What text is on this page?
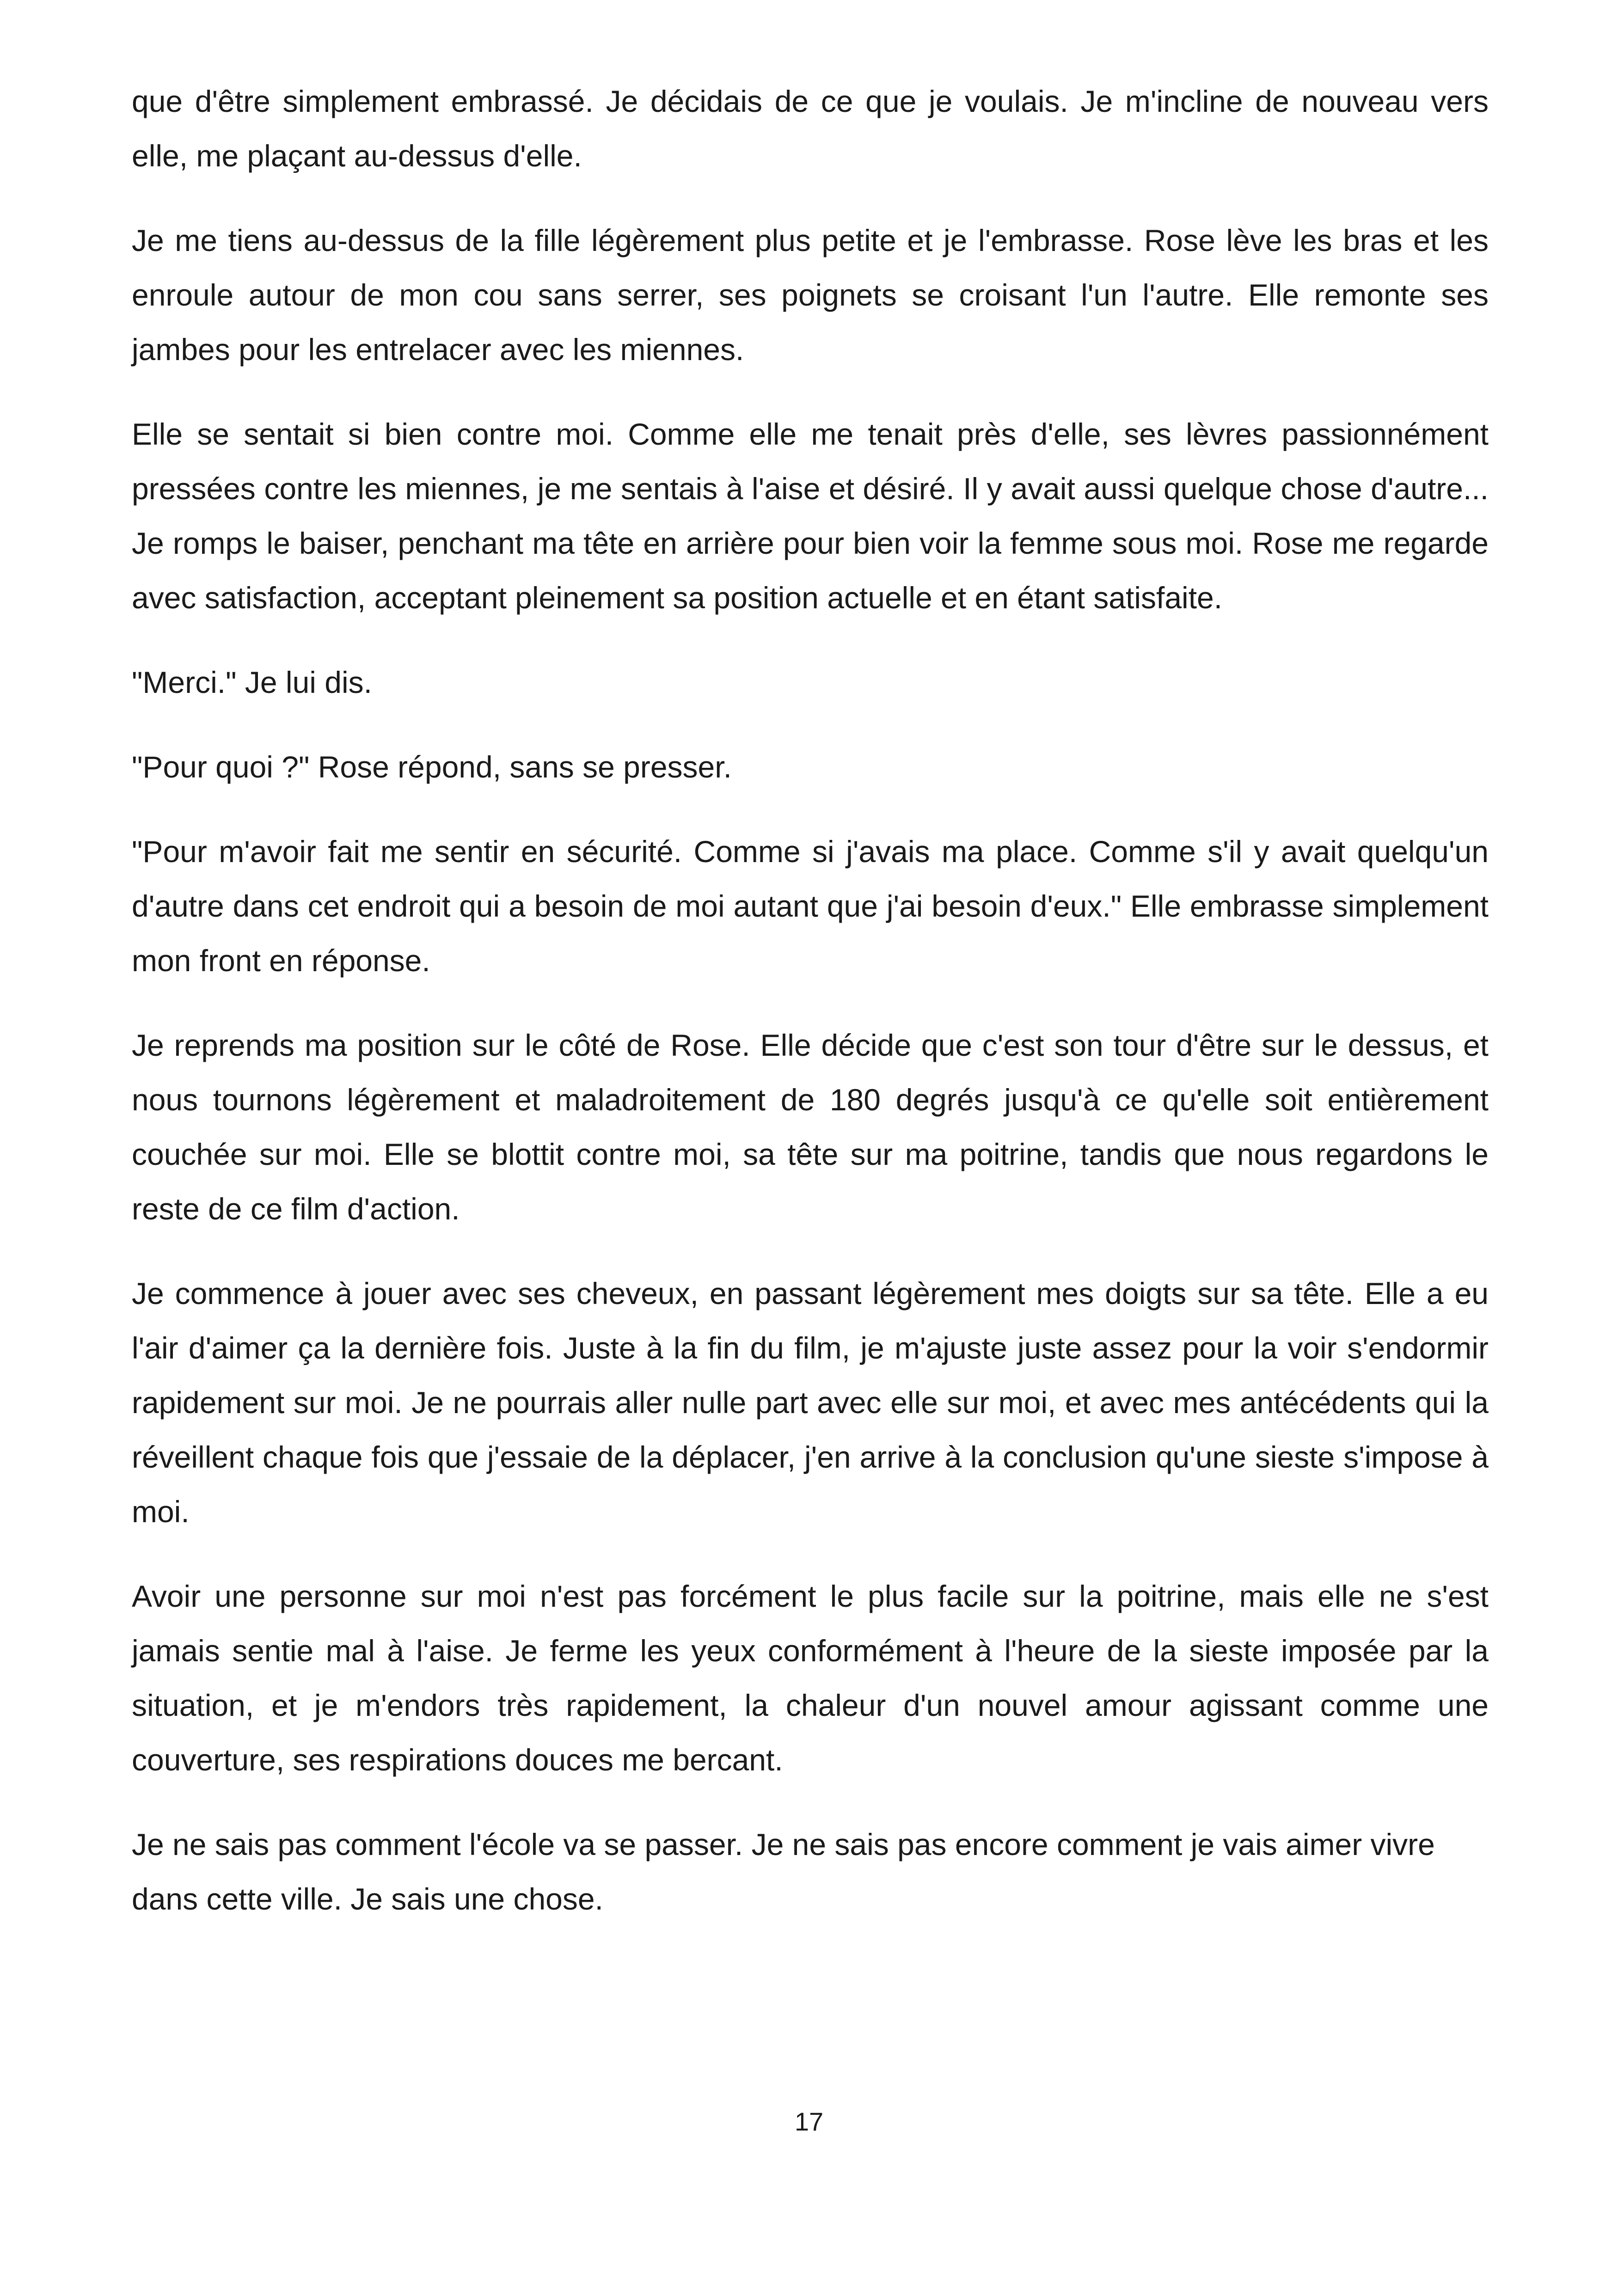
que d'être simplement embrassé. Je décidais de ce que je voulais. Je m'incline de nouveau vers elle, me plaçant au-dessus d'elle.

Je me tiens au-dessus de la fille légèrement plus petite et je l'embrasse. Rose lève les bras et les enroule autour de mon cou sans serrer, ses poignets se croisant l'un l'autre. Elle remonte ses jambes pour les entrelacer avec les miennes.

Elle se sentait si bien contre moi. Comme elle me tenait près d'elle, ses lèvres passionnément pressées contre les miennes, je me sentais à l'aise et désiré. Il y avait aussi quelque chose d'autre... Je romps le baiser, penchant ma tête en arrière pour bien voir la femme sous moi. Rose me regarde avec satisfaction, acceptant pleinement sa position actuelle et en étant satisfaite.

"Merci." Je lui dis.

"Pour quoi ?" Rose répond, sans se presser.

"Pour m'avoir fait me sentir en sécurité. Comme si j'avais ma place. Comme s'il y avait quelqu'un d'autre dans cet endroit qui a besoin de moi autant que j'ai besoin d'eux." Elle embrasse simplement mon front en réponse.

Je reprends ma position sur le côté de Rose. Elle décide que c'est son tour d'être sur le dessus, et nous tournons légèrement et maladroitement de 180 degrés jusqu'à ce qu'elle soit entièrement couchée sur moi. Elle se blottit contre moi, sa tête sur ma poitrine, tandis que nous regardons le reste de ce film d'action.

Je commence à jouer avec ses cheveux, en passant légèrement mes doigts sur sa tête. Elle a eu l'air d'aimer ça la dernière fois. Juste à la fin du film, je m'ajuste juste assez pour la voir s'endormir rapidement sur moi. Je ne pourrais aller nulle part avec elle sur moi, et avec mes antécédents qui la réveillent chaque fois que j'essaie de la déplacer, j'en arrive à la conclusion qu'une sieste s'impose à moi.

Avoir une personne sur moi n'est pas forcément le plus facile sur la poitrine, mais elle ne s'est jamais sentie mal à l'aise. Je ferme les yeux conformément à l'heure de la sieste imposée par la situation, et je m'endors très rapidement, la chaleur d'un nouvel amour agissant comme une couverture, ses respirations douces me bercant.

Je ne sais pas comment l'école va se passer. Je ne sais pas encore comment je vais aimer vivre dans cette ville. Je sais une chose.

17
